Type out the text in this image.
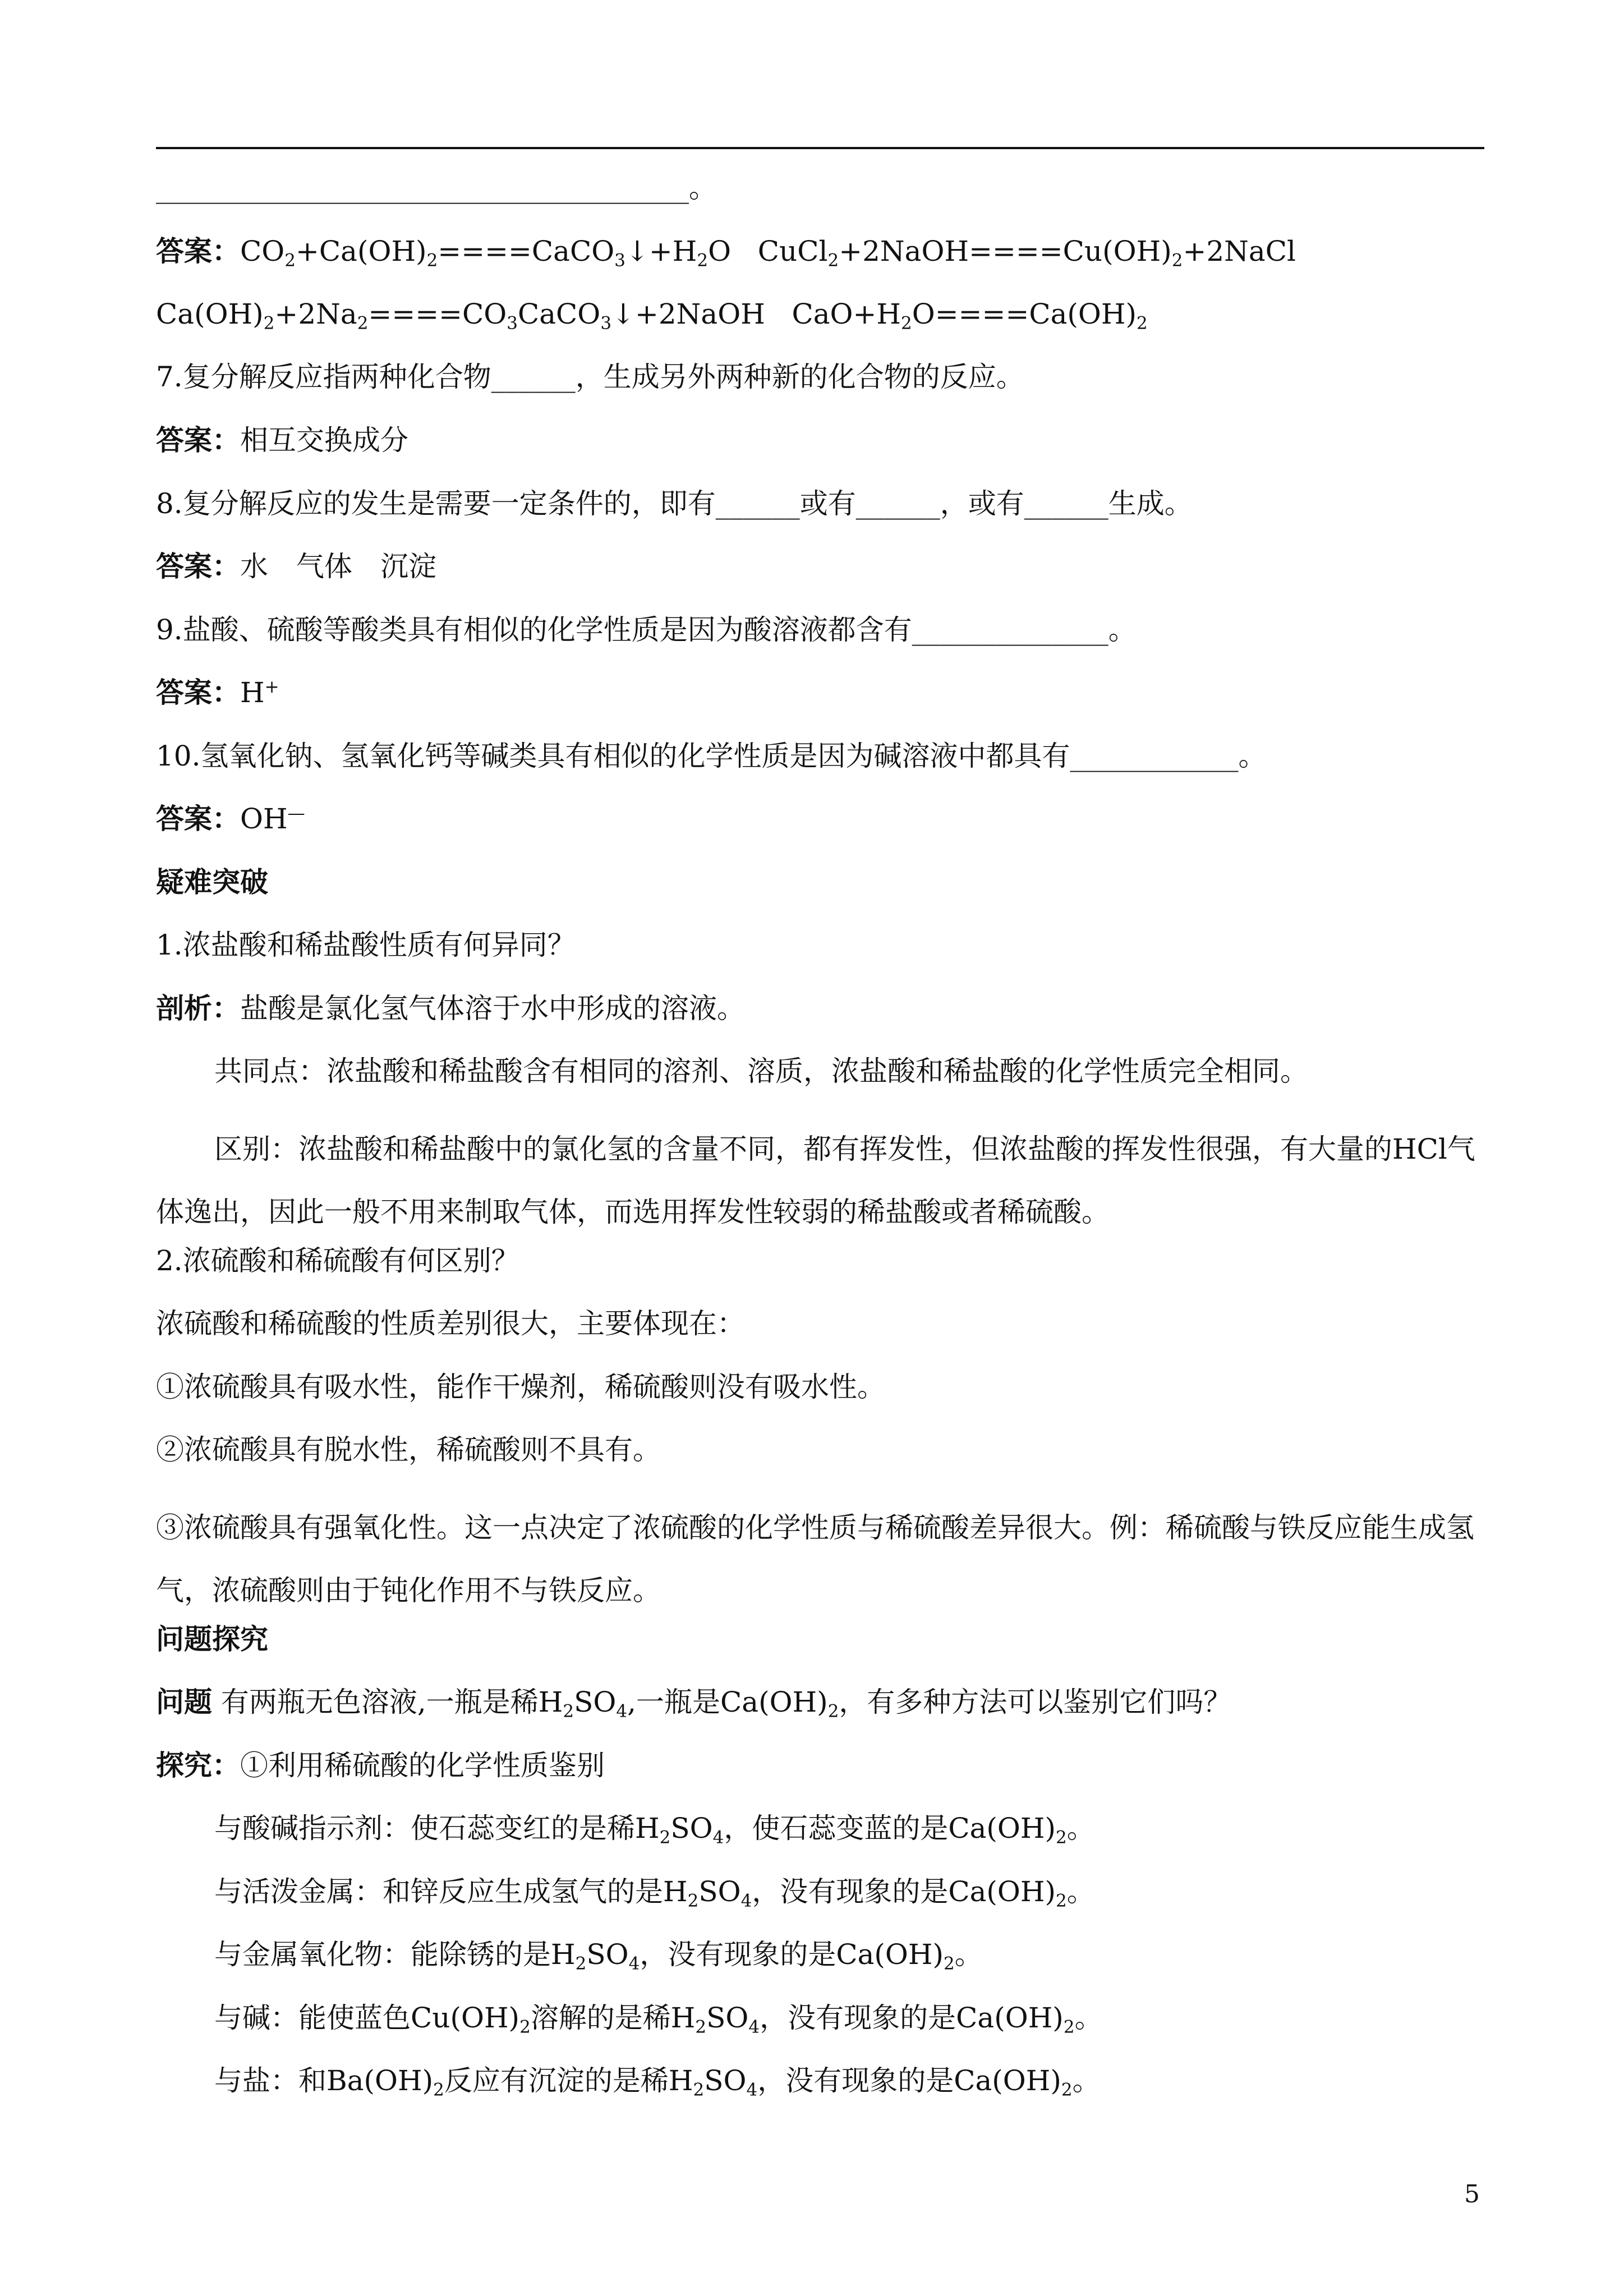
______________________________________。
答案：$CO_2+Ca(OH)_2====CaCO_3↓+H_2O$   $CuCl_2+2NaOH====Cu(OH)_2+2NaCl$
$Ca(OH)_2+2Na_2====CO_3CaCO_3↓+2NaOH$   $CaO+H_2O====Ca(OH)_2$
7.复分解反应指两种化合物______，生成另外两种新的化合物的反应。
答案：相互交换成分
8.复分解反应的发生是需要一定条件的，即有______或有______，或有______生成。
答案：水　气体　沉淀
9.盐酸、硫酸等酸类具有相似的化学性质是因为酸溶液都含有______________。
答案：H+
10.氢氧化钠、氢氧化钙等碱类具有相似的化学性质是因为碱溶液中都具有____________。
答案：OH—
疑难突破
1.浓盐酸和稀盐酸性质有何异同？
剖析：盐酸是氯化氢气体溶于水中形成的溶液。
共同点：浓盐酸和稀盐酸含有相同的溶剂、溶质，浓盐酸和稀盐酸的化学性质完全相同。
区别：浓盐酸和稀盐酸中的氯化氢的含量不同，都有挥发性，但浓盐酸的挥发性很强，有大量的HCl气体逸出，因此一般不用来制取气体，而选用挥发性较弱的稀盐酸或者稀硫酸。
2.浓硫酸和稀硫酸有何区别？
浓硫酸和稀硫酸的性质差别很大，主要体现在：
①浓硫酸具有吸水性，能作干燥剂，稀硫酸则没有吸水性。
②浓硫酸具有脱水性，稀硫酸则不具有。
③浓硫酸具有强氧化性。这一点决定了浓硫酸的化学性质与稀硫酸差异很大。例：稀硫酸与铁反应能生成氢气，浓硫酸则由于钝化作用不与铁反应。
问题探究
问题 有两瓶无色溶液,一瓶是稀$H_2SO_4$,一瓶是$Ca(OH)_2$，有多种方法可以鉴别它们吗？
探究：①利用稀硫酸的化学性质鉴别
与酸碱指示剂：使石蕊变红的是稀$H_2SO_4$，使石蕊变蓝的是$Ca(OH)_2$。
与活泼金属：和锌反应生成氢气的是$H_2SO_4$，没有现象的是$Ca(OH)_2$。
与金属氧化物：能除锈的是$H_2SO_4$，没有现象的是$Ca(OH)_2$。
与碱：能使蓝色$Cu(OH)_2$溶解的是稀$H_2SO_4$，没有现象的是$Ca(OH)_2$。
与盐：和$Ba(OH)_2$反应有沉淀的是稀$H_2SO_4$，没有现象的是$Ca(OH)_2$。
5
